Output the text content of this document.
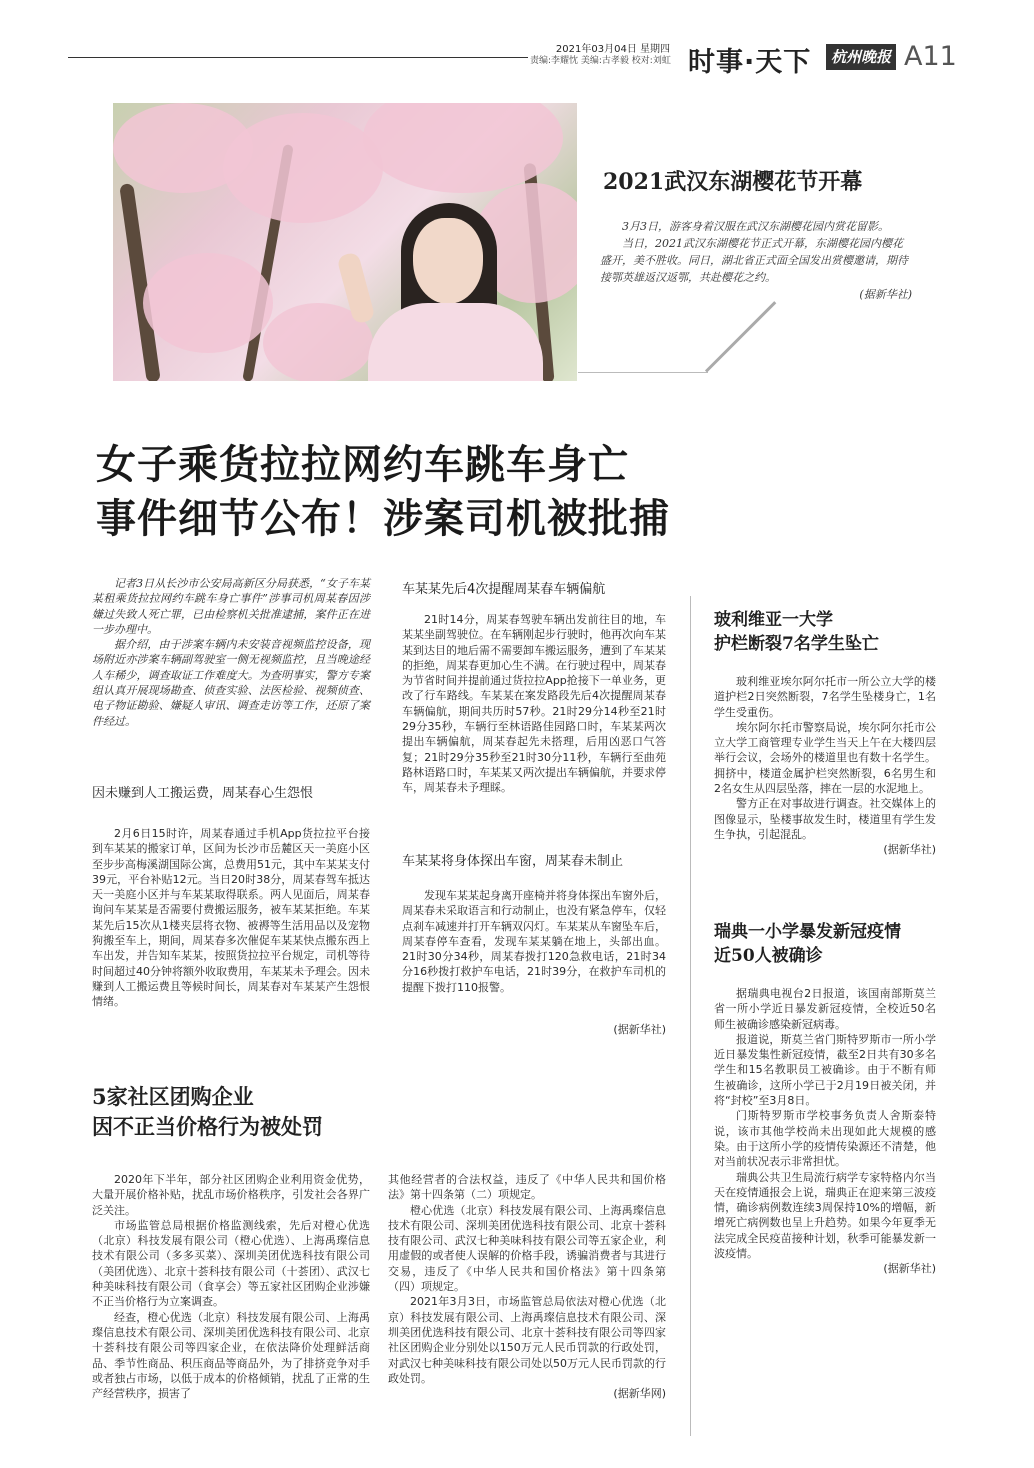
2021年03月04日 星期四
责编:李耀忱 美编:古孝毅 校对:刘虹 时事·天下	杭州晚报 A11
2021武汉东湖樱花节开幕

3月3日，游客身着汉服在武汉东湖樱花园内赏花留影。

当日，2021武汉东湖樱花节正式开幕，东湖樱花园内樱花盛开，美不胜收。同日，湖北省正式面全国发出赏樱邀请，期待接鄂英雄返汉返鄂，共赴樱花之约。

(据新华社)
女子乘货拉拉网约车跳车身亡
事件细节公布！涉案司机被批捕

记者3日从长沙市公安局高新区分局获悉，“女子车某某租乘货拉拉网约车跳车身亡事件”涉事司机周某春因涉嫌过失致人死亡罪，已由检察机关批准逮捕，案件正在进一步办理中。

据介绍，由于涉案车辆内未安装音视频监控设备，现场附近亦涉案车辆副驾驶室一侧无视频监控，且当晚途经人车稀少，调查取证工作难度大。为查明事实，警方专案组认真开展现场勘查、侦查实验、法医检验、视频侦查、电子物证勘验、嫌疑人审讯、调查走访等工作，还原了案件经过。

因未赚到人工搬运费，周某春心生怨恨

2月6日15时许，周某春通过手机App货拉拉平台接到车某某的搬家订单，区间为长沙市岳麓区天一美庭小区至步步高梅溪湖国际公寓，总费用51元，其中车某某支付39元，平台补贴12元。当日20时38分，周某春驾车抵达天一美庭小区并与车某某取得联系。两人见面后，周某春询问车某某是否需要付费搬运服务，被车某某拒绝。车某某先后15次从1楼夹层将衣物、被褥等生活用品以及宠物狗搬至车上，期间，周某春多次催促车某某快点搬东西上车出发，并告知车某某，按照货拉拉平台规定，司机等待时间超过40分钟将额外收取费用，车某某未予理会。因未赚到人工搬运费且等候时间长，周某春对车某某产生怨恨情绪。

车某某先后4次提醒周某春车辆偏航

21时14分，周某春驾驶车辆出发前往目的地，车某某坐副驾驶位。在车辆刚起步行驶时，他再次向车某某到达目的地后需不需要卸车搬运服务，遭到了车某某的拒绝，周某春更加心生不满。在行驶过程中，周某春为节省时间并提前通过货拉拉App抢接下一单业务，更改了行车路线。车某某在案发路段先后4次提醒周某春车辆偏航，期间共历时57秒。21时29分14秒至21时29分35秒，车辆行至林语路佳园路口时，车某某两次提出车辆偏航，周某春起先未搭理，后用凶恶口气答复；21时29分35秒至21时30分11秒，车辆行至曲苑路林语路口时，车某某又两次提出车辆偏航，并要求停车，周某春未予理睬。

车某某将身体探出车窗，周某春未制止

发现车某某起身离开座椅并将身体探出车窗外后，周某春未采取语言和行动制止，也没有紧急停车，仅轻点刹车减速并打开车辆双闪灯。车某某从车窗坠车后，周某春停车查看，发现车某某躺在地上，头部出血。21时30分34秒，周某春拨打120急救电话，21时34分16秒拨打救护车电话，21时39分，在救护车司机的提醒下拨打110报警。

(据新华社)
玻利维亚一大学
护栏断裂7名学生坠亡

玻利维亚埃尔阿尔托市一所公立大学的楼道护栏2日突然断裂，7名学生坠楼身亡，1名学生受重伤。

埃尔阿尔托市警察局说，埃尔阿尔托市公立大学工商管理专业学生当天上午在大楼四层举行会议，会场外的楼道里也有数十名学生。拥挤中，楼道金属护栏突然断裂，6名男生和2名女生从四层坠落，摔在一层的水泥地上。

警方正在对事故进行调查。社交媒体上的图像显示，坠楼事故发生时，楼道里有学生发生争执，引起混乱。

(据新华社)
瑞典一小学暴发新冠疫情
近50人被确诊

据瑞典电视台2日报道，该国南部斯莫兰省一所小学近日暴发新冠疫情，全校近50名师生被确诊感染新冠病毒。

报道说，斯莫兰省门斯特罗斯市一所小学近日暴发集性新冠疫情，截至2日共有30多名学生和15名教职员工被确诊。由于不断有师生被确诊，这所小学已于2月19日被关闭，并将“封校”至3月8日。

门斯特罗斯市学校事务负责人舍斯泰特说，该市其他学校尚未出现如此大规模的感染。由于这所小学的疫情传染源还不清楚，他对当前状况表示非常担忧。

瑞典公共卫生局流行病学专家特格内尔当天在疫情通报会上说，瑞典正在迎来第三波疫情，确诊病例数连续3周保持10%的增幅，新增死亡病例数也呈上升趋势。如果今年夏季无法完成全民疫苗接种计划，秋季可能暴发新一波疫情。

(据新华社)
5家社区团购企业
因不正当价格行为被处罚

2020年下半年，部分社区团购企业利用资金优势，大量开展价格补贴，扰乱市场价格秩序，引发社会各界广泛关注。

市场监管总局根据价格监测线索，先后对橙心优选（北京）科技发展有限公司（橙心优选）、上海禹璨信息技术有限公司（多多买菜）、深圳美团优选科技有限公司（美团优选）、北京十荟科技有限公司（十荟团）、武汉七种美味科技有限公司（食享会）等五家社区团购企业涉嫌不正当价格行为立案调查。

经查，橙心优选（北京）科技发展有限公司、上海禹璨信息技术有限公司、深圳美团优选科技有限公司、北京十荟科技有限公司等四家企业，在依法降价处理鲜活商品、季节性商品、积压商品等商品外，为了排挤竞争对手或者独占市场，以低于成本的价格倾销，扰乱了正常的生产经营秩序，损害了

其他经营者的合法权益，违反了《中华人民共和国价格法》第十四条第（二）项规定。

橙心优选（北京）科技发展有限公司、上海禹璨信息技术有限公司、深圳美团优选科技有限公司、北京十荟科技有限公司、武汉七种美味科技有限公司等五家企业，利用虚假的或者使人误解的价格手段，诱骗消费者与其进行交易，违反了《中华人民共和国价格法》第十四条第（四）项规定。

2021年3月3日，市场监管总局依法对橙心优选（北京）科技发展有限公司、上海禹璨信息技术有限公司、深圳美团优选科技有限公司、北京十荟科技有限公司等四家社区团购企业分别处以150万元人民币罚款的行政处罚，对武汉七种美味科技有限公司处以50万元人民币罚款的行政处罚。

(据新华网)
